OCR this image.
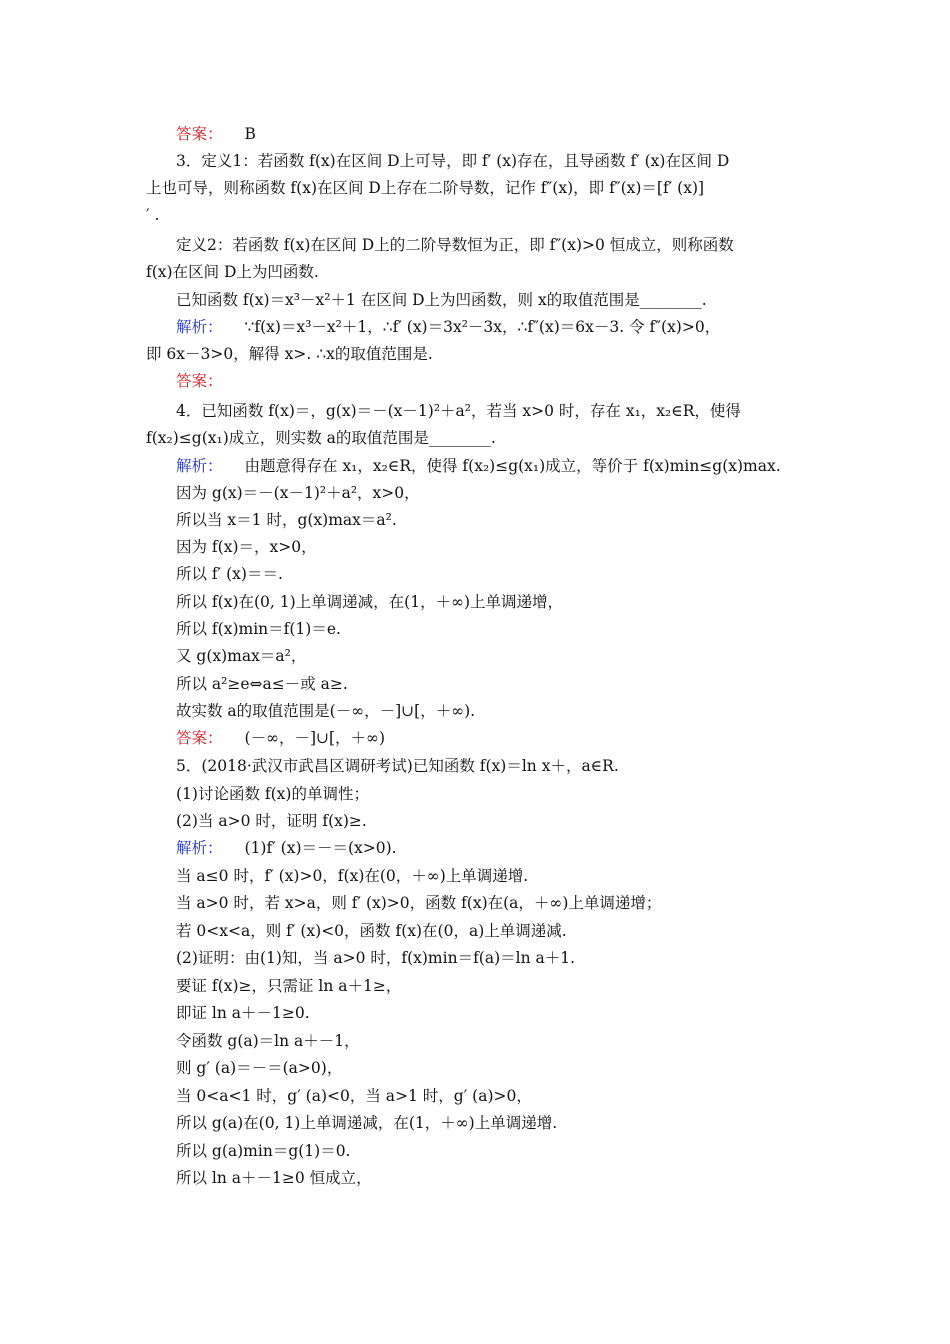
答案： B
3．定义1：若函数 f(x)在区间 D上可导，即 f′ (x)存在，且导函数 f′ (x)在区间 D
上也可导，则称函数 f(x)在区间 D上存在二阶导数，记作 f″(x)，即 f″(x)＝[f′ (x)]
′ .
定义2：若函数 f(x)在区间 D上的二阶导数恒为正，即 f″(x)>0 恒成立，则称函数
f(x)在区间 D上为凹函数.
已知函数 f(x)＝x³－x²＋1 在区间 D上为凹函数，则 x的取值范围是________.
解析： ∵f(x)＝x³－x²＋1，∴f′ (x)＝3x²－3x，∴f″(x)＝6x－3. 令 f″(x)>0，
即 6x－3>0，解得 x>. ∴x的取值范围是.
答案：
4．已知函数 f(x)＝，g(x)＝－(x－1)²＋a²，若当 x>0 时，存在 x₁，x₂∈R，使得
f(x₂)≤g(x₁)成立，则实数 a的取值范围是________.
解析： 由题意得存在 x₁，x₂∈R，使得 f(x₂)≤g(x₁)成立，等价于 f(x)min≤g(x)max.
因为 g(x)＝－(x－1)²＋a²，x>0，
所以当 x＝1 时，g(x)max＝a².
因为 f(x)＝，x>0，
所以 f′ (x)＝＝.
所以 f(x)在(0, 1)上单调递减，在(1，＋∞)上单调递增，
所以 f(x)min＝f(1)＝e.
又 g(x)max＝a²，
所以 a²≥e⇔a≤－或 a≥.
故实数 a的取值范围是(－∞，－]∪[，＋∞).
答案： (－∞，－]∪[，＋∞)
5．(2018·武汉市武昌区调研考试)已知函数 f(x)＝ln x＋，a∈R.
(1)讨论函数 f(x)的单调性；
(2)当 a>0 时，证明 f(x)≥.
解析： (1)f′ (x)＝－＝(x>0).
当 a≤0 时，f′ (x)>0，f(x)在(0，＋∞)上单调递增.
当 a>0 时，若 x>a，则 f′ (x)>0，函数 f(x)在(a，＋∞)上单调递增；
若 0<x<a，则 f′ (x)<0，函数 f(x)在(0，a)上单调递减.
(2)证明：由(1)知，当 a>0 时，f(x)min＝f(a)＝ln a＋1.
要证 f(x)≥，只需证 ln a＋1≥，
即证 ln a＋－1≥0.
令函数 g(a)＝ln a＋－1，
则 g′ (a)＝－＝(a>0)，
当 0<a<1 时，g′ (a)<0，当 a>1 时，g′ (a)>0，
所以 g(a)在(0, 1)上单调递减，在(1，＋∞)上单调递增.
所以 g(a)min＝g(1)＝0.
所以 ln a＋－1≥0 恒成立，
